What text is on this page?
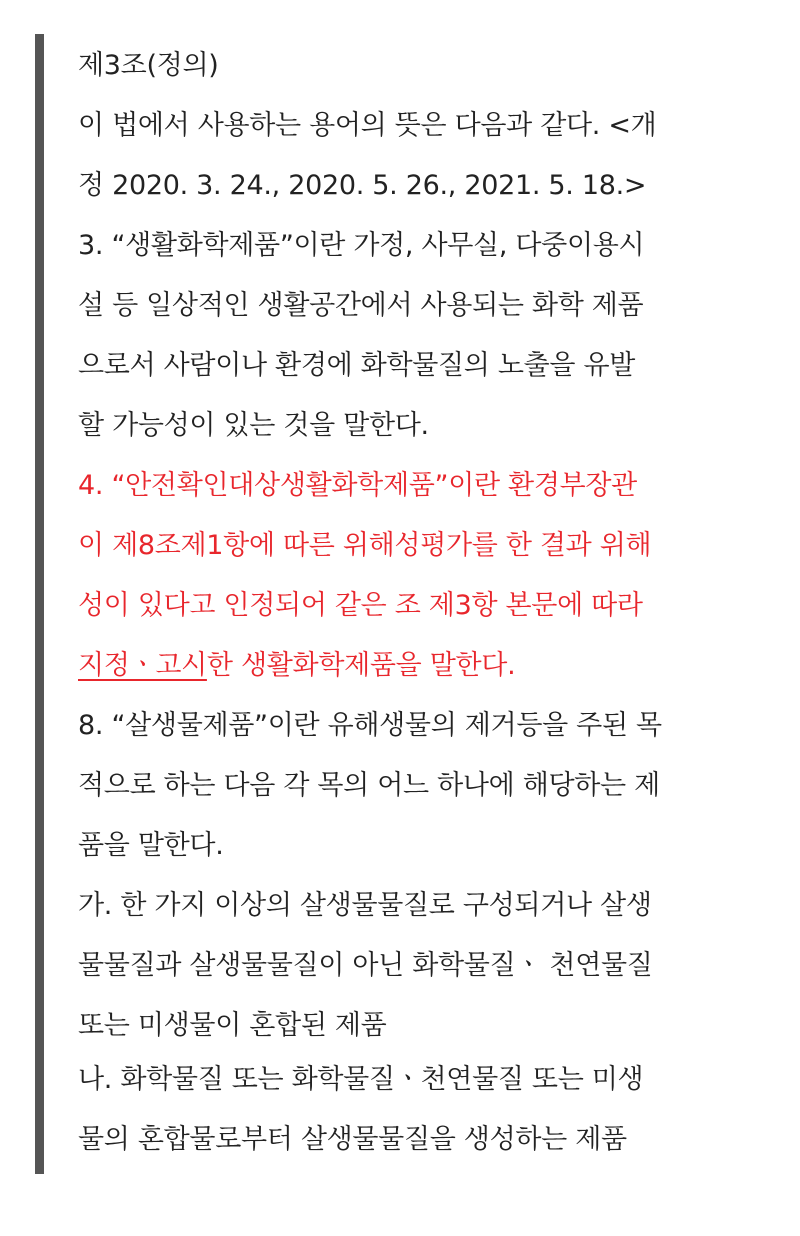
제3조(정의)
이 법에서 사용하는 용어의 뜻은 다음과 같다. <개
정 2020. 3. 24., 2020. 5. 26., 2021. 5. 18.>
3. “생활화학제품”이란 가정, 사무실, 다중이용시
설 등 일상적인 생활공간에서 사용되는 화학 제품
으로서 사람이나 환경에 화학물질의 노출을 유발
할 가능성이 있는 것을 말한다.
4. “안전확인대상생활화학제품”이란 환경부장관
이 제8조제1항에 따른 위해성평가를 한 결과 위해
성이 있다고 인정되어 같은 조 제3항 본문에 따라
지정ㆍ고시한 생활화학제품을 말한다.
8. “살생물제품”이란 유해생물의 제거등을 주된 목
적으로 하는 다음 각 목의 어느 하나에 해당하는 제
품을 말한다.
가. 한 가지 이상의 살생물물질로 구성되거나 살생
물물질과 살생물물질이 아닌 화학물질ㆍ 천연물질
또는 미생물이 혼합된 제품
나. 화학물질 또는 화학물질ㆍ천연물질 또는 미생
물의 혼합물로부터 살생물물질을 생성하는 제품
